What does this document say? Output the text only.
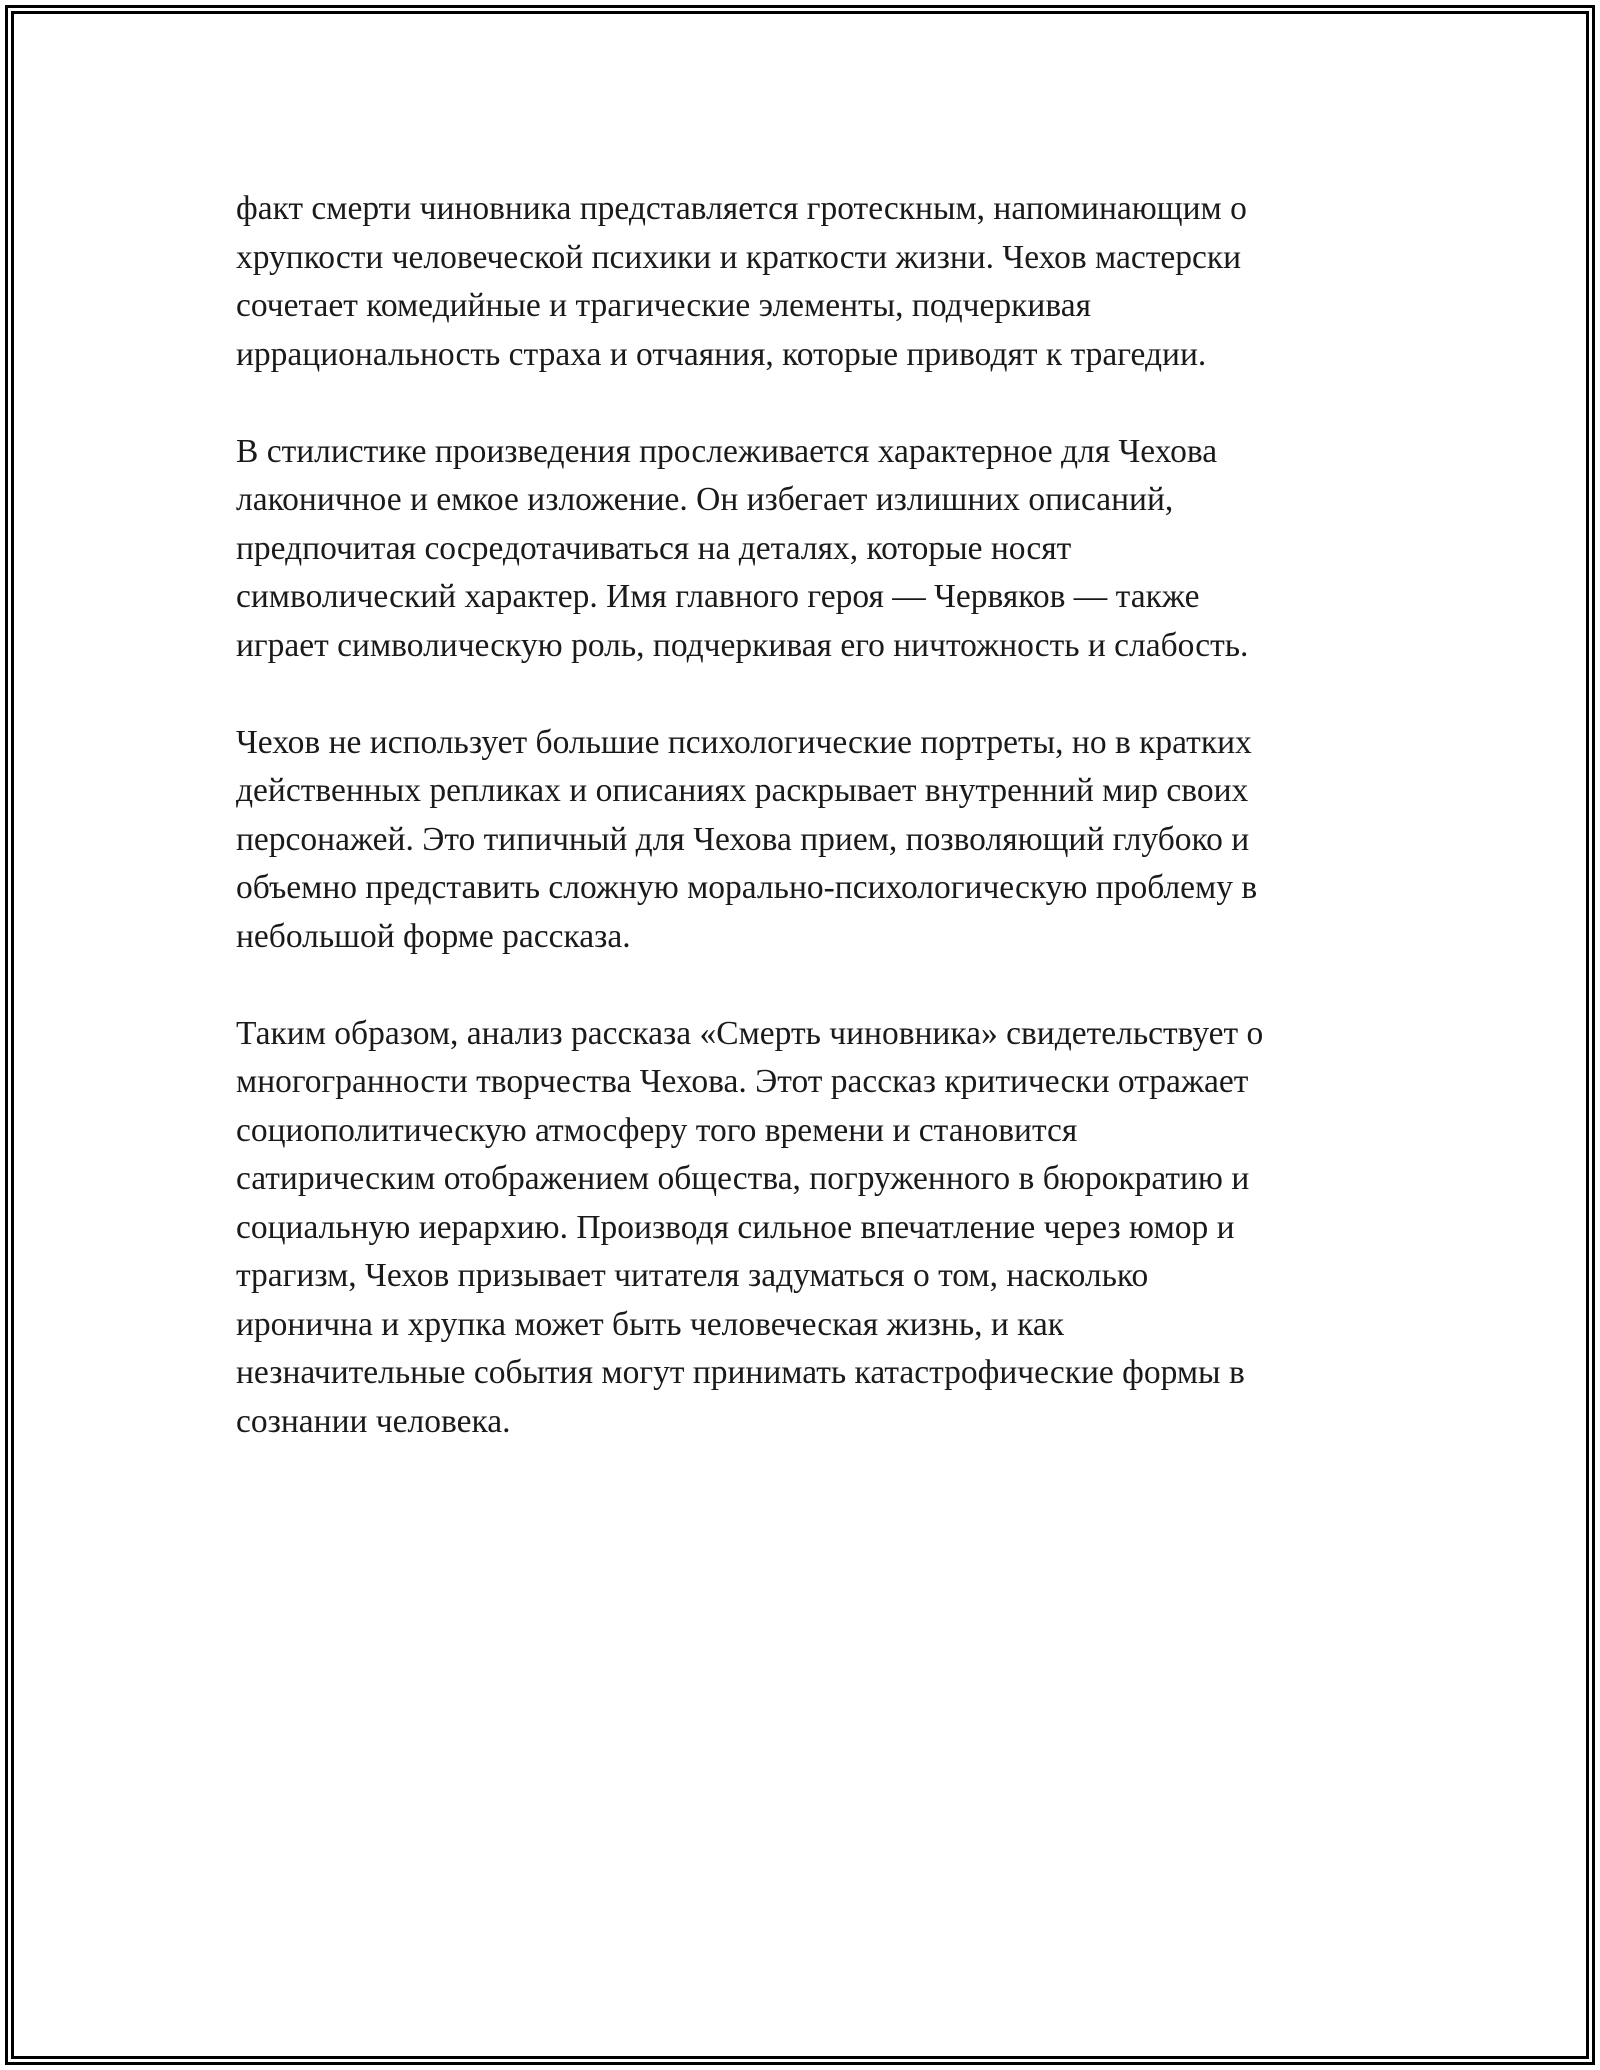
факт смерти чиновника представляется гротескным, напоминающим о
хрупкости человеческой психики и краткости жизни. Чехов мастерски
сочетает комедийные и трагические элементы, подчеркивая
иррациональность страха и отчаяния, которые приводят к трагедии.

В стилистике произведения прослеживается характерное для Чехова
лаконичное и емкое изложение. Он избегает излишних описаний,
предпочитая сосредотачиваться на деталях, которые носят
символический характер. Имя главного героя — Червяков — также
играет символическую роль, подчеркивая его ничтожность и слабость.

Чехов не использует большие психологические портреты, но в кратких
действенных репликах и описаниях раскрывает внутренний мир своих
персонажей. Это типичный для Чехова прием, позволяющий глубоко и
объемно представить сложную морально-психологическую проблему в
небольшой форме рассказа.

Таким образом, анализ рассказа «Смерть чиновника» свидетельствует о
многогранности творчества Чехова. Этот рассказ критически отражает
социополитическую атмосферу того времени и становится
сатирическим отображением общества, погруженного в бюрократию и
социальную иерархию. Производя сильное впечатление через юмор и
трагизм, Чехов призывает читателя задуматься о том, насколько
иронична и хрупка может быть человеческая жизнь, и как
незначительные события могут принимать катастрофические формы в
сознании человека.
